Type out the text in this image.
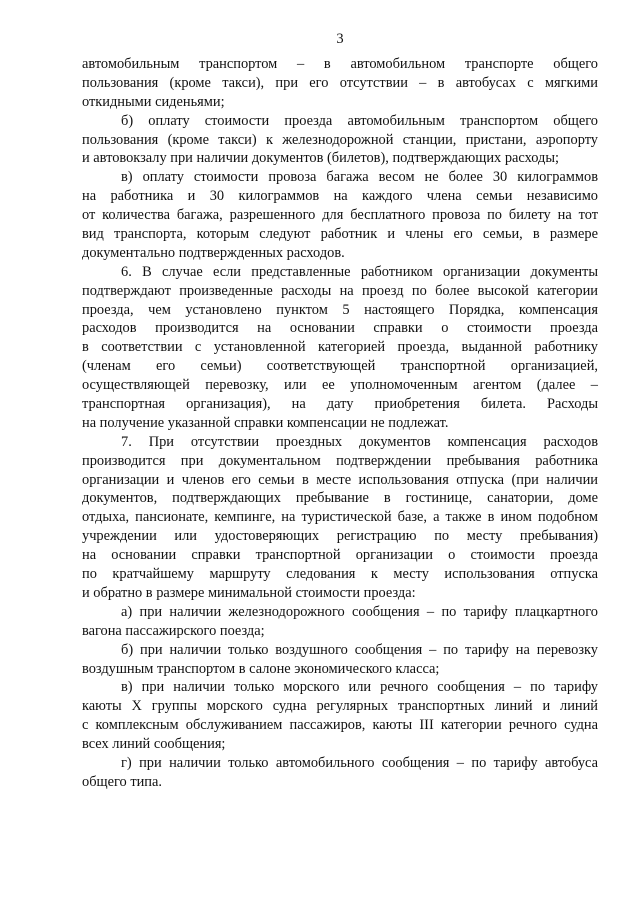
3
автомобильным транспортом – в автомобильном транспорте общего
пользования (кроме такси), при его отсутствии – в автобусах с мягкими
откидными сиденьями;
б) оплату стоимости проезда автомобильным транспортом общего
пользования (кроме такси) к железнодорожной станции, пристани, аэропорту
и автовокзалу при наличии документов (билетов), подтверждающих расходы;
в) оплату стоимости провоза багажа весом не более 30 килограммов
на работника и 30 килограммов на каждого члена семьи независимо
от количества багажа, разрешенного для бесплатного провоза по билету на тот
вид транспорта, которым следуют работник и члены его семьи, в размере
документально подтвержденных расходов.
6. В случае если представленные работником организации документы
подтверждают произведенные расходы на проезд по более высокой категории
проезда, чем установлено пунктом 5 настоящего Порядка, компенсация
расходов производится на основании справки о стоимости проезда
в соответствии с установленной категорией проезда, выданной работнику
(членам его семьи) соответствующей транспортной организацией,
осуществляющей перевозку, или ее уполномоченным агентом (далее –
транспортная организация), на дату приобретения билета. Расходы
на получение указанной справки компенсации не подлежат.
7. При отсутствии проездных документов компенсация расходов
производится при документальном подтверждении пребывания работника
организации и членов его семьи в месте использования отпуска (при наличии
документов, подтверждающих пребывание в гостинице, санатории, доме
отдыха, пансионате, кемпинге, на туристической базе, а также в ином подобном
учреждении или удостоверяющих регистрацию по месту пребывания)
на основании справки транспортной организации о стоимости проезда
по кратчайшему маршруту следования к месту использования отпуска
и обратно в размере минимальной стоимости проезда:
а) при наличии железнодорожного сообщения – по тарифу плацкартного
вагона пассажирского поезда;
б) при наличии только воздушного сообщения – по тарифу на перевозку
воздушным транспортом в салоне экономического класса;
в) при наличии только морского или речного сообщения – по тарифу
каюты X группы морского судна регулярных транспортных линий и линий
с комплексным обслуживанием пассажиров, каюты III категории речного судна
всех линий сообщения;
г) при наличии только автомобильного сообщения – по тарифу автобуса
общего типа.
